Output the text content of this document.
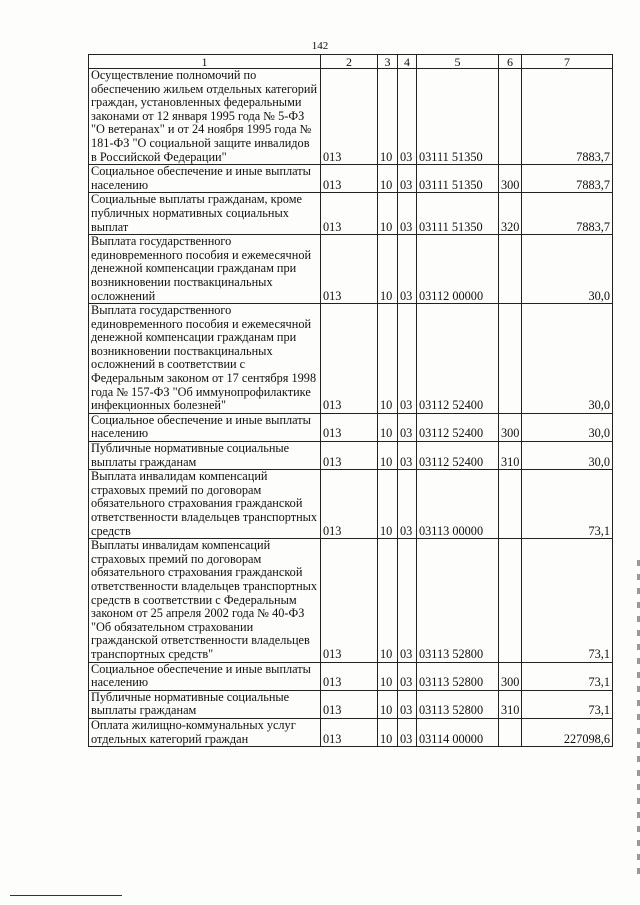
142
1	2	3	4	5	6	7
Осуществление полномочий по обеспечению жильем отдельных категорий граждан, установленных федеральными законами от 12 января 1995 года № 5-ФЗ "О ветеранах" и от 24 ноября 1995 года № 181-ФЗ "О социальной защите инвалидов в Российской Федерации"	013	10	03	03111 51350		7883,7
Социальное обеспечение и иные выплаты населению	013	10	03	03111 51350	300	7883,7
Социальные выплаты гражданам, кроме публичных нормативных социальных выплат	013	10	03	03111 51350	320	7883,7
Выплата государственного единовременного пособия и ежемесячной денежной компенсации гражданам при возникновении поствакцинальных осложнений	013	10	03	03112 00000		30,0
Выплата государственного единовременного пособия и ежемесячной денежной компенсации гражданам при возникновении поствакцинальных осложнений в соответствии с Федеральным законом от 17 сентября 1998 года № 157-ФЗ "Об иммунопрофилактике инфекционных болезней"	013	10	03	03112 52400		30,0
Социальное обеспечение и иные выплаты населению	013	10	03	03112 52400	300	30,0
Публичные нормативные социальные выплаты гражданам	013	10	03	03112 52400	310	30,0
Выплата инвалидам компенсаций страховых премий по договорам обязательного страхования гражданской ответственности владельцев транспортных средств	013	10	03	03113 00000		73,1
Выплаты инвалидам компенсаций страховых премий по договорам обязательного страхования гражданской ответственности владельцев транспортных средств в соответствии с Федеральным законом от 25 апреля 2002 года № 40-ФЗ "Об обязательном страховании гражданской ответственности владельцев транспортных средств"	013	10	03	03113 52800		73,1
Социальное обеспечение и иные выплаты населению	013	10	03	03113 52800	300	73,1
Публичные нормативные социальные выплаты гражданам	013	10	03	03113 52800	310	73,1
Оплата жилищно-коммунальных услуг отдельных категорий граждан	013	10	03	03114 00000		227098,6
